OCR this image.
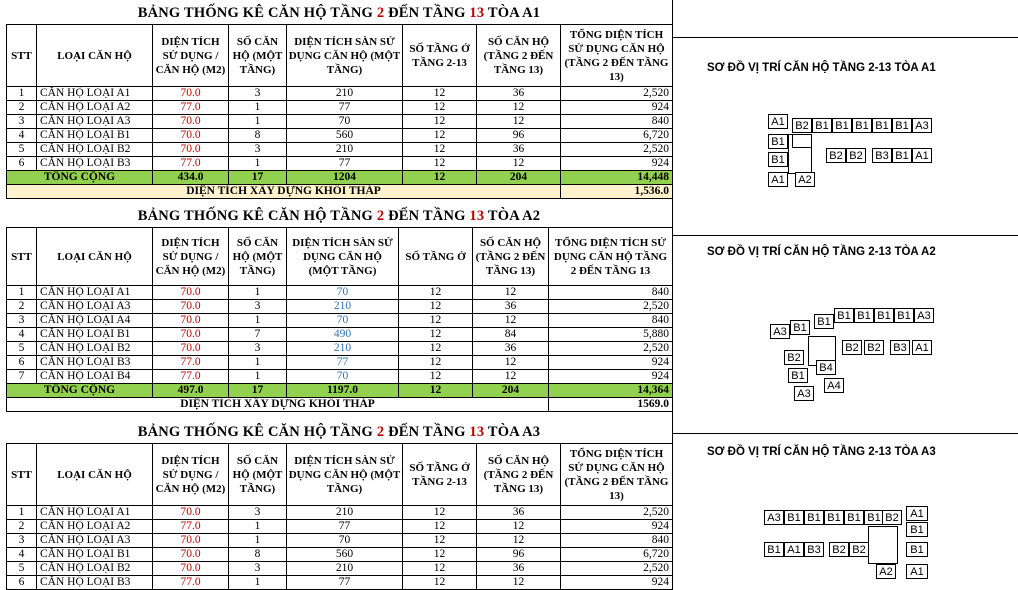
BẢNG THỐNG KÊ CĂN HỘ TẦNG 2 ĐẾN TẦNG 13 TÒA A1
STT	LOẠI CĂN HỘ	DIỆN TÍCH SỬ DỤNG / CĂN HỘ (M2)	SỐ CĂN HỘ (MỘT TẦNG)	DIỆN TÍCH SÀN SỬ DỤNG CĂN HỘ (MỘT TẦNG)	SỐ TẦNG Ở TẦNG 2-13	SỐ CĂN HỘ (TẦNG 2 ĐẾN TẦNG 13)	TỔNG DIỆN TÍCH SỬ DỤNG CĂN HỘ (TẦNG 2 ĐẾN TẦNG 13)
1	CĂN HỘ LOẠI A1	70.0	3	210	12	36	2,520
2	CĂN HỘ LOẠI A2	77.0	1	77	12	12	924
3	CĂN HỘ LOẠI A3	70.0	1	70	12	12	840
4	CĂN HỘ LOẠI B1	70.0	8	560	12	96	6,720
5	CĂN HỘ LOẠI B2	70.0	3	210	12	36	2,520
6	CĂN HỘ LOẠI B3	77.0	1	77	12	12	924
TỔNG CỘNG		434.0	17	1204	12	204	14,448
DIỆN TÍCH XÂY DỰNG KHỐI THÁP							1,536.0
BẢNG THỐNG KÊ CĂN HỘ TẦNG 2 ĐẾN TẦNG 13 TÒA A2
STT	LOẠI CĂN HỘ	DIỆN TÍCH SỬ DỤNG / CĂN HỘ (M2)	SỐ CĂN HỘ (MỘT TẦNG)	DIỆN TÍCH SÀN SỬ DỤNG CĂN HỘ (MỘT TẦNG)	SỐ TẦNG Ở	SỐ CĂN HỘ (TẦNG 2 ĐẾN TẦNG 13)	TỔNG DIỆN TÍCH SỬ DỤNG CĂN HỘ TẦNG 2 ĐẾN TẦNG 13
1	CĂN HỘ LOẠI A1	70.0	1	70	12	12	840
2	CĂN HỘ LOẠI A3	70.0	3	210	12	36	2,520
3	CĂN HỘ LOẠI A4	70.0	1	70	12	12	840
4	CĂN HỘ LOẠI B1	70.0	7	490	12	84	5,880
5	CĂN HỘ LOẠI B2	70.0	3	210	12	36	2,520
6	CĂN HỘ LOẠI B3	77.0	1	77	12	12	924
7	CĂN HỘ LOẠI B4	77.0	1	70	12	12	924
TỔNG CỘNG		497.0	17	1197.0	12	204	14,364
DIỆN TÍCH XÂY DỰNG KHỐI THÁP							1569.0
BẢNG THỐNG KÊ CĂN HỘ TẦNG 2 ĐẾN TẦNG 13 TÒA A3
STT	LOẠI CĂN HỘ	DIỆN TÍCH SỬ DỤNG / CĂN HỘ (M2)	SỐ CĂN HỘ (MỘT TẦNG)	DIỆN TÍCH SÀN SỬ DỤNG CĂN HỘ (MỘT TẦNG)	SỐ TẦNG Ở TẦNG 2-13	SỐ CĂN HỘ (TẦNG 2 ĐẾN TẦNG 13)	TỔNG DIỆN TÍCH SỬ DỤNG CĂN HỘ (TẦNG 2 ĐẾN TẦNG 13)
1	CĂN HỘ LOẠI A1	70.0	3	210	12	36	2,520
2	CĂN HỘ LOẠI A2	77.0	1	77	12	12	924
3	CĂN HỘ LOẠI A3	70.0	1	70	12	12	840
4	CĂN HỘ LOẠI B1	70.0	8	560	12	96	6,720
5	CĂN HỘ LOẠI B2	70.0	3	210	12	36	2,520
6	CĂN HỘ LOẠI B3	77.0	1	77	12	12	924
SƠ ĐỒ VỊ TRÍ CĂN HỘ TẦNG 2-13 TÒA A1
A1 B2 B1 B1 B1 B1 B1 A3
B1
B1	B2 B2 B3 B1 A1
A1 A2
SƠ ĐỒ VỊ TRÍ CĂN HỘ TẦNG 2-13 TÒA A2
A3 B1 B1 B1 B1 B1 B1 A3
B2
B2 B2 B3 A1
B1
B4
A4
A3
SƠ ĐỒ VỊ TRÍ CĂN HỘ TẦNG 2-13 TÒA A3
A3 B1 B1 B1 B1 B1 B2	A1
B1 A1
B1
B3 B2 B2	B1
A2	A1
